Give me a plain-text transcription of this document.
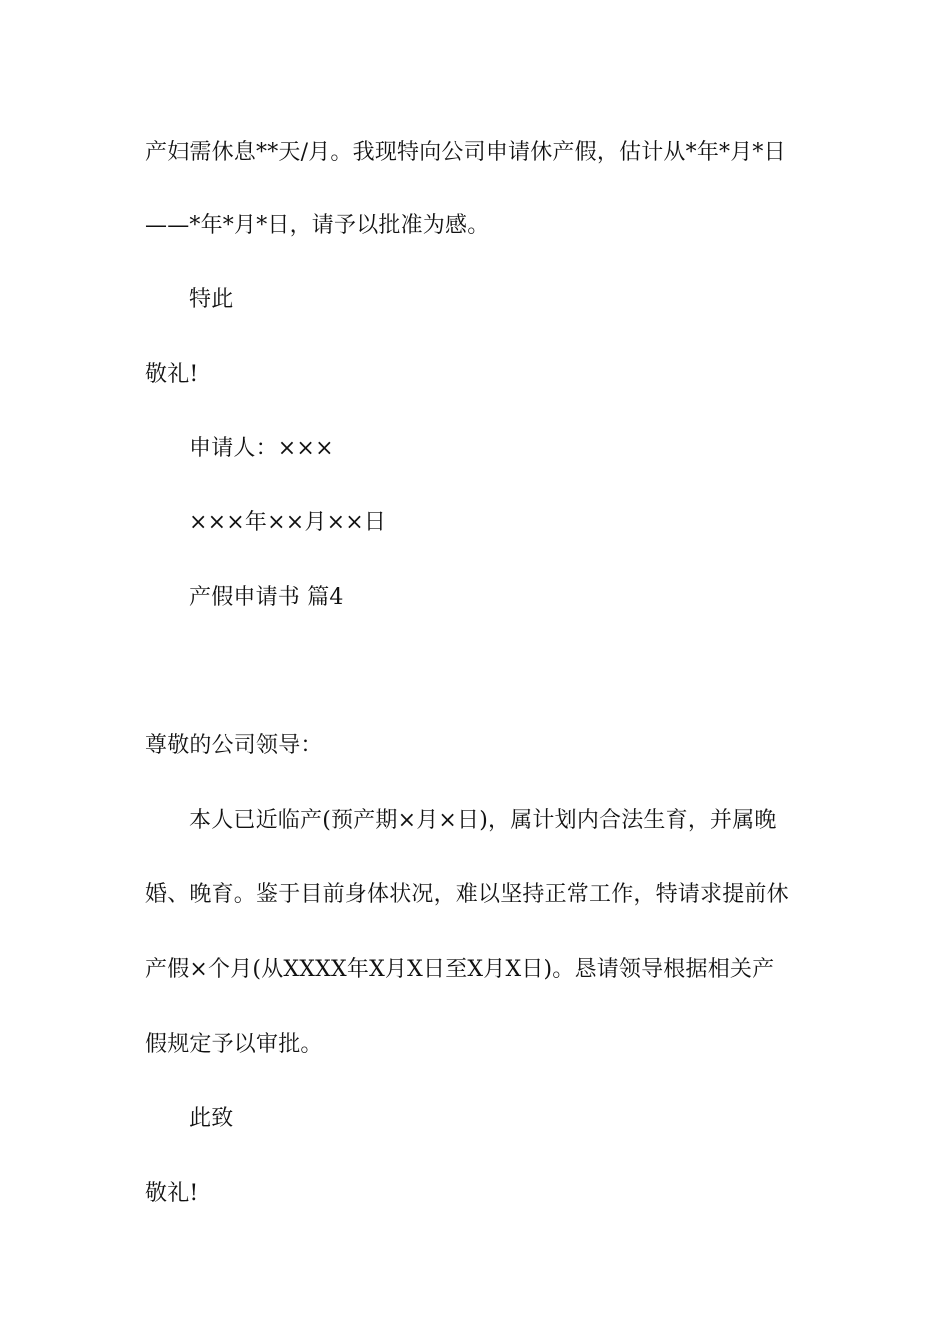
产妇需休息**天/月。我现特向公司申请休产假，估计从*年*月*日
——*年*月*日，请予以批准为感。
特此
敬礼!
申请人：×××
×××年××月××日
产假申请书 篇4
尊敬的公司领导：
本人已近临产(预产期×月×日)，属计划内合法生育，并属晚
婚、晚育。鉴于目前身体状况，难以坚持正常工作，特请求提前休
产假×个月(从XXXX年X月X日至X月X日)。恳请领导根据相关产
假规定予以审批。
此致
敬礼!
